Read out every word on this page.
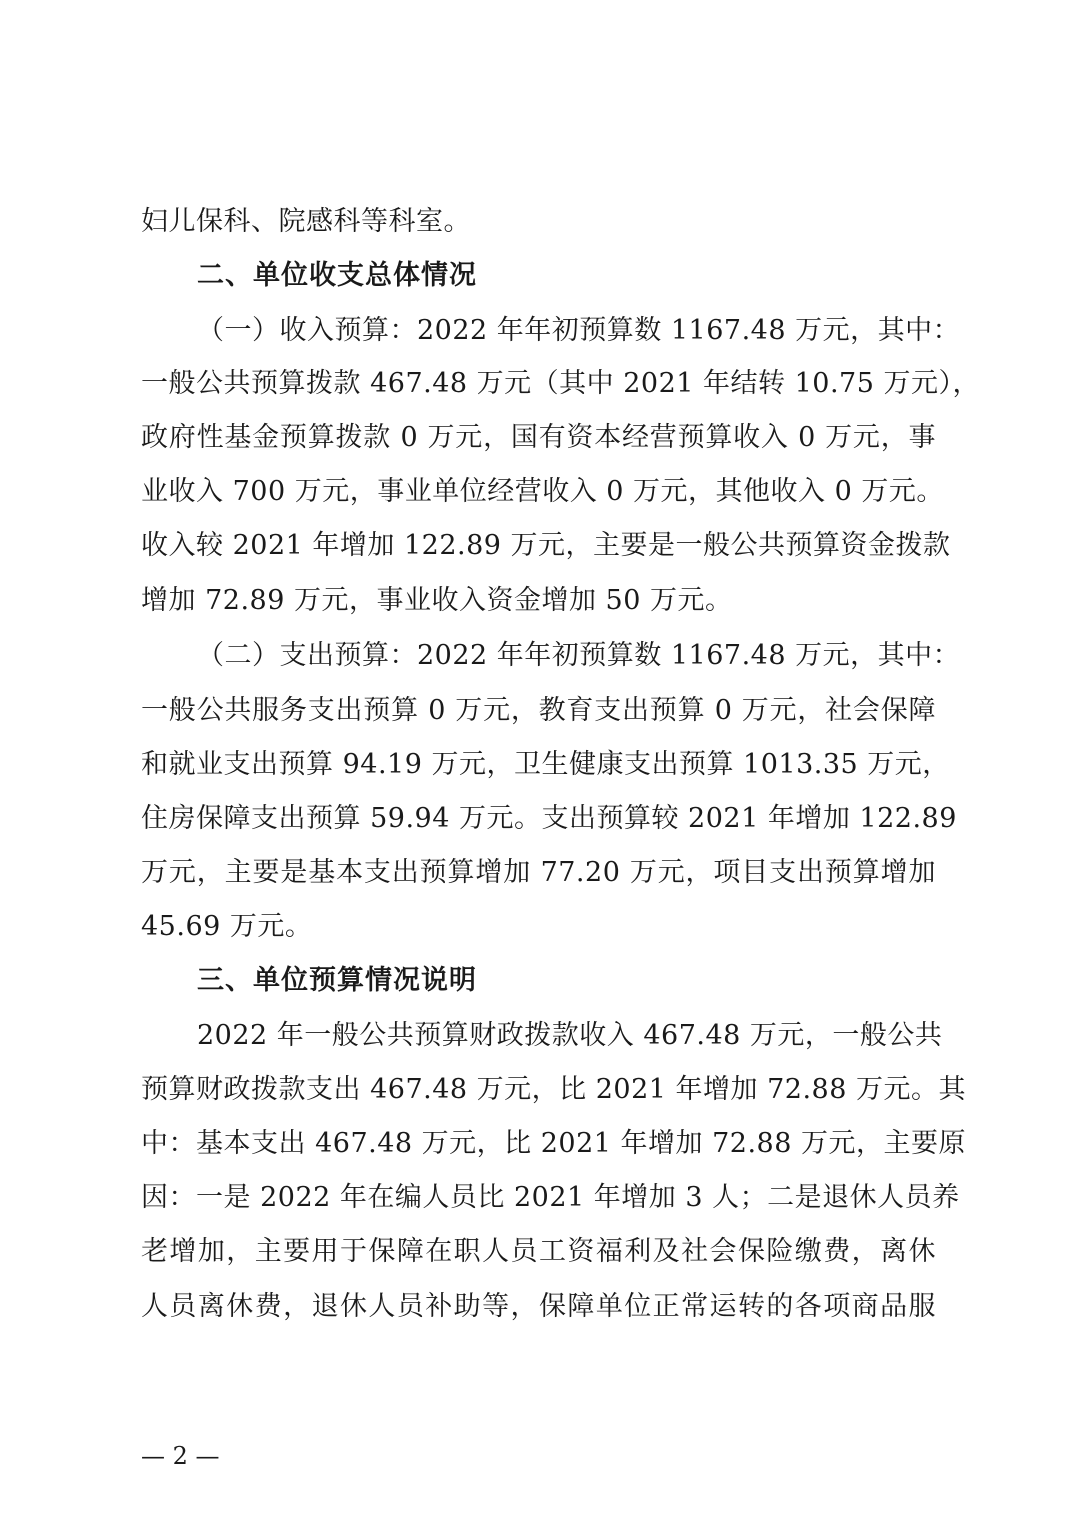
妇儿保科、院感科等科室。
二、单位收支总体情况
（一）收入预算：2022 年年初预算数 1167.48 万元，其中：
一般公共预算拨款 467.48 万元（其中 2021 年结转 10.75 万元），
政府性基金预算拨款 0 万元，国有资本经营预算收入 0 万元，事
业收入 700 万元，事业单位经营收入 0 万元，其他收入 0 万元。
收入较 2021 年增加 122.89 万元，主要是一般公共预算资金拨款
增加 72.89 万元，事业收入资金增加 50 万元。
（二）支出预算：2022 年年初预算数 1167.48 万元，其中：
一般公共服务支出预算 0 万元，教育支出预算 0 万元，社会保障
和就业支出预算 94.19 万元，卫生健康支出预算 1013.35 万元，
住房保障支出预算 59.94 万元。支出预算较 2021 年增加 122.89
万元，主要是基本支出预算增加 77.20 万元，项目支出预算增加
45.69 万元。
三、单位预算情况说明
2022 年一般公共预算财政拨款收入 467.48 万元，一般公共
预算财政拨款支出 467.48 万元，比 2021 年增加 72.88 万元。其
中：基本支出 467.48 万元，比 2021 年增加 72.88 万元，主要原
因：一是 2022 年在编人员比 2021 年增加 3 人；二是退休人员养
老增加，主要用于保障在职人员工资福利及社会保险缴费，离休
人员离休费，退休人员补助等，保障单位正常运转的各项商品服
— 2 —
